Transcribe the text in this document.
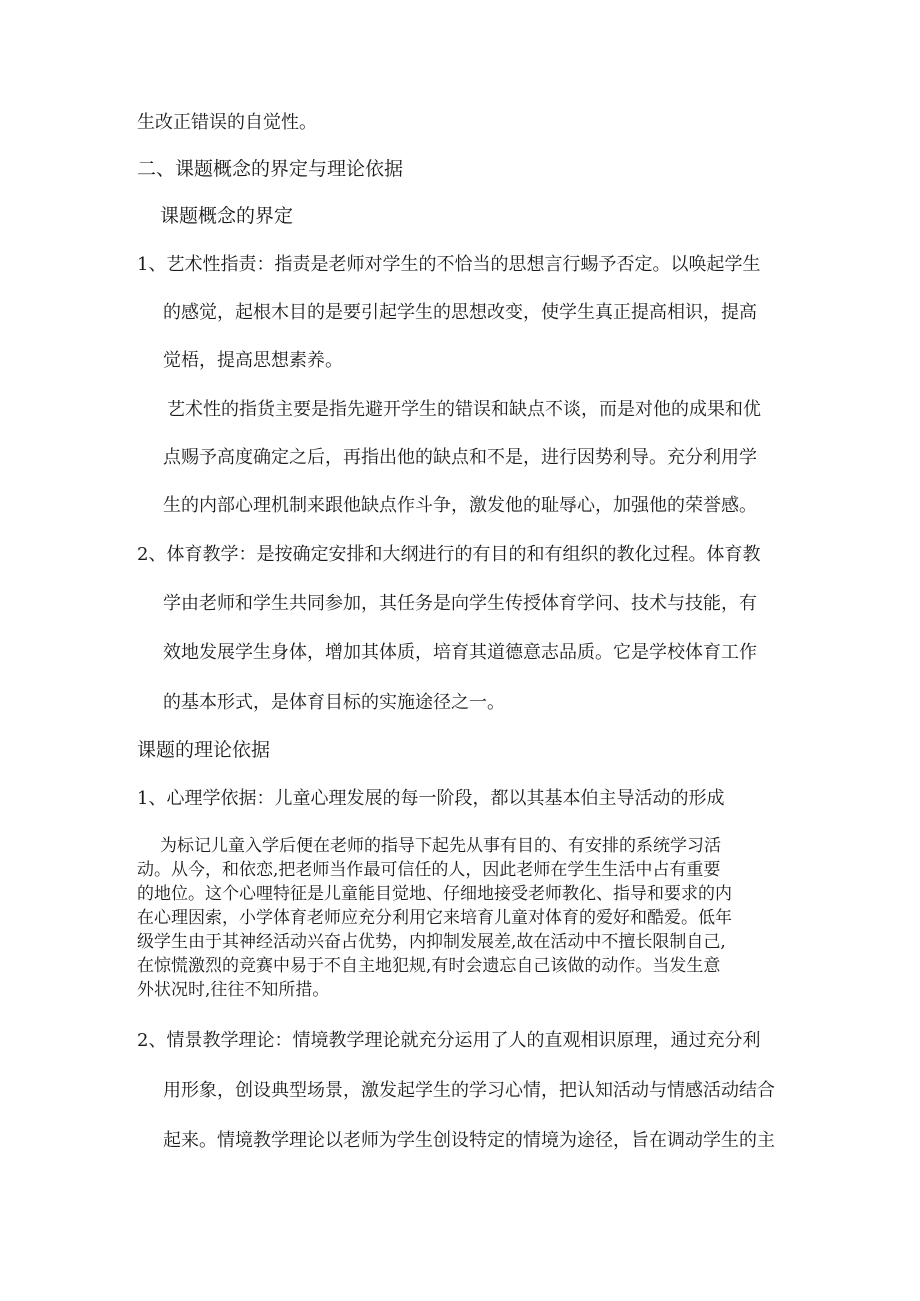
生改正错误的自觉性。

二、课题概念的界定与理论依据

课题概念的界定

1、艺术性指责：指责是老师对学生的不恰当的思想言行蜴予否定。以唤起学生

的感觉，起根木目的是要引起学生的思想改变，使学生真正提高相识，提高

觉梧，提高思想素养。

艺术性的指货主要是指先避开学生的错误和缺点不谈，而是对他的成果和优

点赐予高度确定之后，再指出他的缺点和不是，进行因势利导。充分利用学

生的内部心理机制来跟他缺点作斗争，激发他的耻辱心，加强他的荣誉感。

2、体育教学：是按确定安排和大纲进行的有目的和有组织的教化过程。体育教

学由老师和学生共同参加，其任务是向学生传授体育学问、技术与技能，有

效地发展学生身体，增加其体质，培育其道德意志品质。它是学校体育工作

的基本形式，是体育目标的实施途径之一。

课题的理论依据

1、心理学依据：儿童心理发展的每一阶段，都以其基本伯主导活动的形成

为标记儿童入学后便在老师的指导下起先从事有目的、有安排的系统学习活

动。从今，和依恋,把老师当作最可信任的人，因此老师在学生生活中占有重要

的地位。这个心哩特征是儿童能目觉地、仔细地接受老师教化、指导和要求的内

在心理因索，小学体育老师应充分利用它来培育儿童对体育的爱好和酷爱。低年

级学生由于其神经活动兴奋占优势，内抑制发展差,故在活动中不擅长限制自己,

在惊慌激烈的竞赛中易于不自主地犯规,有时会遗忘自己该做的动作。当发生意

外状况时,往往不知所措。

2、情景教学理论：情境教学理论就充分运用了人的直观相识原理，通过充分利

用形象，创设典型场景，激发起学生的学习心情，把认知活动与情感活动结合

起来。情境教学理论以老师为学生创设特定的情境为途径，旨在调动学生的主
